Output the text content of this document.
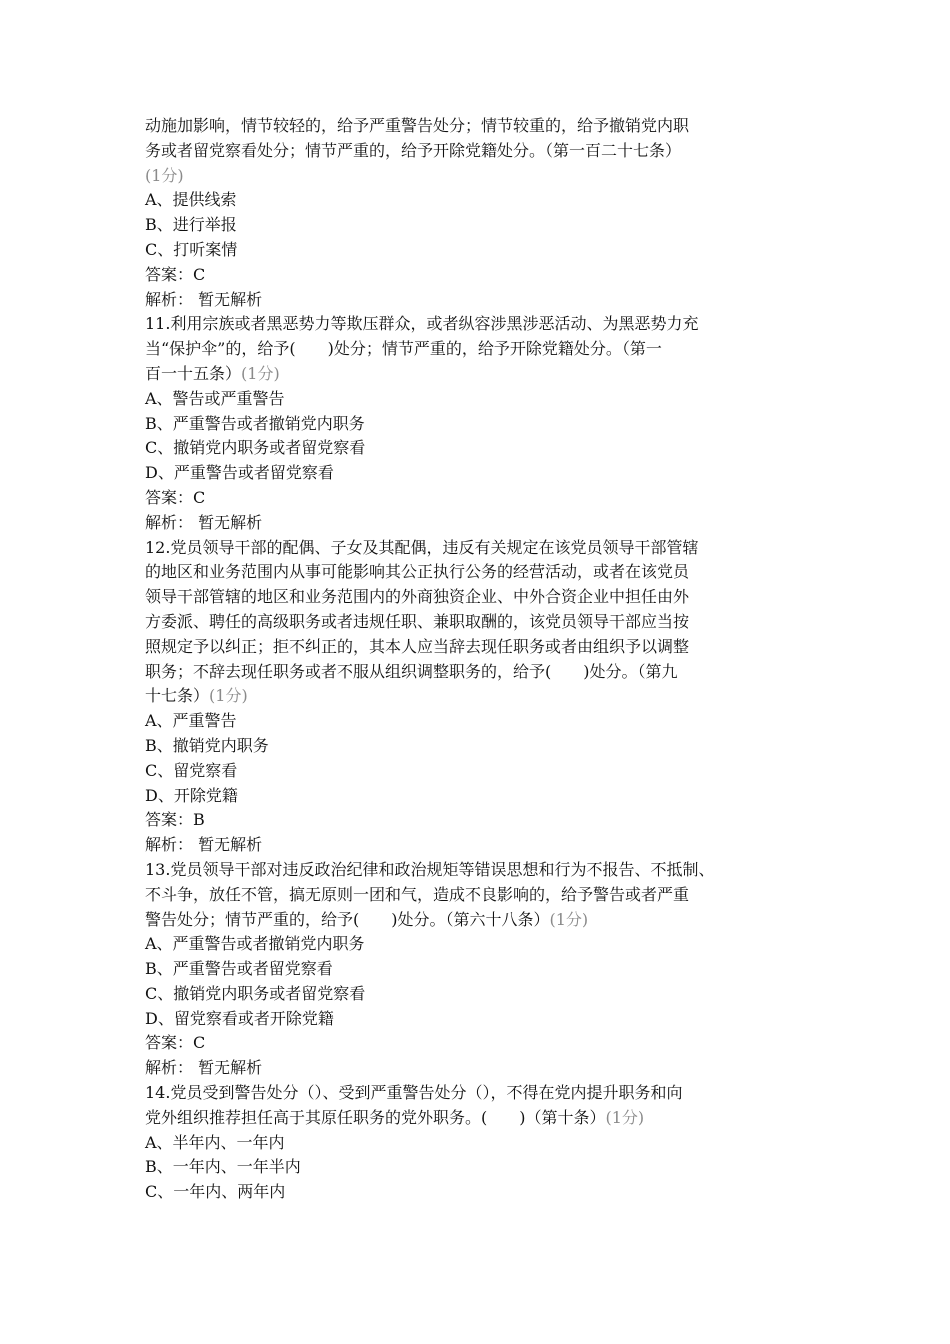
动施加影响，情节较轻的，给予严重警告处分；情节较重的，给予撤销党内职
务或者留党察看处分；情节严重的，给予开除党籍处分。（第一百二十七条）
(1分)
A、提供线索
B、进行举报
C、打听案情
答案：C
解析： 暂无解析
11.利用宗族或者黑恶势力等欺压群众，或者纵容涉黑涉恶活动、为黑恶势力充
当“保护伞”的，给予(　　)处分；情节严重的，给予开除党籍处分。（第一
百一十五条）(1分)
A、警告或严重警告
B、严重警告或者撤销党内职务
C、撤销党内职务或者留党察看
D、严重警告或者留党察看
答案：C
解析： 暂无解析
12.党员领导干部的配偶、子女及其配偶，违反有关规定在该党员领导干部管辖
的地区和业务范围内从事可能影响其公正执行公务的经营活动，或者在该党员
领导干部管辖的地区和业务范围内的外商独资企业、中外合资企业中担任由外
方委派、聘任的高级职务或者违规任职、兼职取酬的，该党员领导干部应当按
照规定予以纠正；拒不纠正的，其本人应当辞去现任职务或者由组织予以调整
职务；不辞去现任职务或者不服从组织调整职务的，给予(　　)处分。（第九
十七条）(1分)
A、严重警告
B、撤销党内职务
C、留党察看
D、开除党籍
答案：B
解析： 暂无解析
13.党员领导干部对违反政治纪律和政治规矩等错误思想和行为不报告、不抵制、
不斗争，放任不管，搞无原则一团和气，造成不良影响的，给予警告或者严重
警告处分；情节严重的，给予(　　)处分。（第六十八条）(1分)
A、严重警告或者撤销党内职务
B、严重警告或者留党察看
C、撤销党内职务或者留党察看
D、留党察看或者开除党籍
答案：C
解析： 暂无解析
14.党员受到警告处分（）、受到严重警告处分（），不得在党内提升职务和向
党外组织推荐担任高于其原任职务的党外职务。(　　)（第十条）(1分)
A、半年内、一年内
B、一年内、一年半内
C、一年内、两年内
